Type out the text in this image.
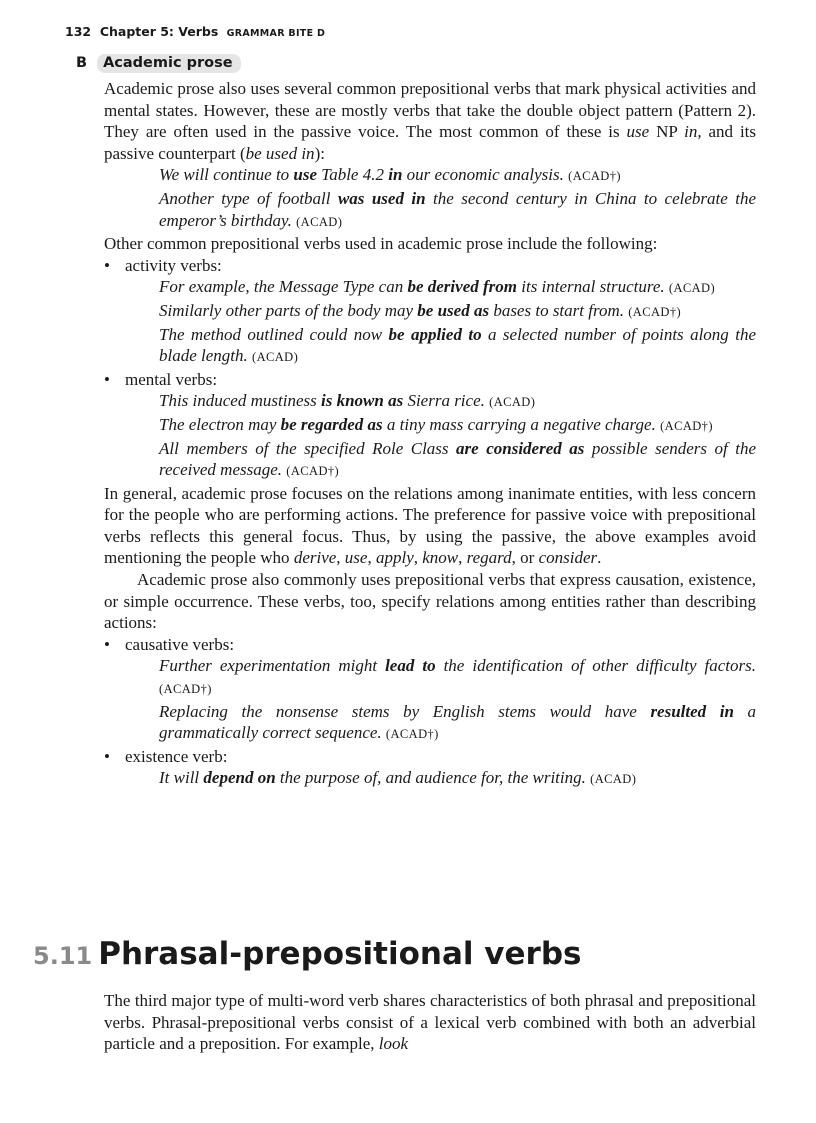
132 Chapter 5: Verbs GRAMMAR BITE D
B Academic prose

Academic prose also uses several common prepositional verbs that mark physical activities and mental states. However, these are mostly verbs that take the double object pattern (Pattern 2). They are often used in the passive voice. The most common of these is use NP in, and its passive counterpart (be used in):

We will continue to use Table 4.2 in our economic analysis. (ACAD†)

Another type of football was used in the second century in China to celebrate the emperor’s birthday. (ACAD)

Other common prepositional verbs used in academic prose include the following:

• activity verbs:

For example, the Message Type can be derived from its internal structure. (ACAD)

Similarly other parts of the body may be used as bases to start from. (ACAD†)

The method outlined could now be applied to a selected number of points along the blade length. (ACAD)

• mental verbs:

This induced mustiness is known as Sierra rice. (ACAD)

The electron may be regarded as a tiny mass carrying a negative charge. (ACAD†)

All members of the specified Role Class are considered as possible senders of the received message. (ACAD†)

In general, academic prose focuses on the relations among inanimate entities, with less concern for the people who are performing actions. The preference for passive voice with prepositional verbs reflects this general focus. Thus, by using the passive, the above examples avoid mentioning the people who derive, use, apply, know, regard, or consider.

Academic prose also commonly uses prepositional verbs that express causation, existence, or simple occurrence. These verbs, too, specify relations among entities rather than describing actions:

• causative verbs:

Further experimentation might lead to the identification of other difficulty factors. (ACAD†)

Replacing the nonsense stems by English stems would have resulted in a grammatically correct sequence. (ACAD†)

• existence verb:

It will depend on the purpose of, and audience for, the writing. (ACAD)

5.11 Phrasal-prepositional verbs

The third major type of multi-word verb shares characteristics of both phrasal and prepositional verbs. Phrasal-prepositional verbs consist of a lexical verb combined with both an adverbial particle and a preposition. For example, look
